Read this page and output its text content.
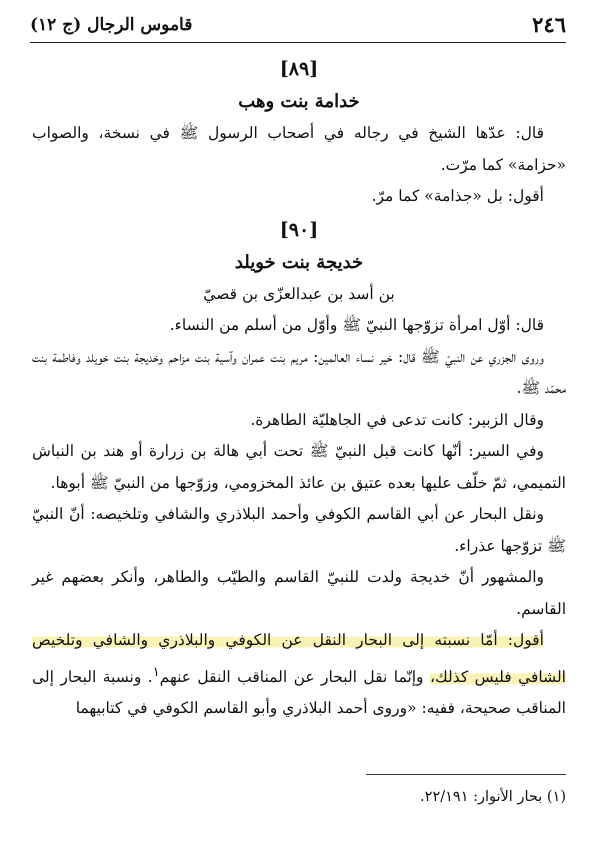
٢٤٦
قاموس الرجال (ج ١٢)

[٨٩]

خدامة بنت وهب

قال: عدّها الشيخ في رجاله في أصحاب الرسول ﷺ في نسخة، والصواب «حزامة» كما مرّت.

أقول: بل «جذامة» كما مرّ.

[٩٠]

خديجة بنت خويلد

بن أسد بن عبدالعزّى بن قصيّ

قال: أوّل امرأة تزوّجها النبيّ ﷺ وأوّل من أسلم من النساء.

وروى الجزري عن النبيّ ﷺ قال: خير نساء العالمين: مريم بنت عمران وآسية بنت مزاحم وخديجة بنت خويلد وفاطمة بنت محمّد ﷺ.

وقال الزبير: كانت تدعى في الجاهليّة الطاهرة.

وفي السير: أنّها كانت قبل النبيّ ﷺ تحت أبي هالة بن زرارة أو هند بن النباش التميمي، ثمّ خلّف عليها بعده عتيق بن عائذ المخزومي، وزوّجها من النبيّ ﷺ أبوها.

ونقل البحار عن أبي القاسم الكوفي وأحمد البلاذري والشافي وتلخيصه: أنّ النبيّ ﷺ تزوّجها عذراء.

والمشهور أنّ خديجة ولدت للنبيّ القاسم والطيّب والطاهر، وأنكر بعضهم غير القاسم.

أقول: أمّا نسبته إلى البحار النقل عن الكوفي والبلاذري والشافي وتلخيص الشافي فليس كذلك، وإنّما نقل البحار عن المناقب النقل عنهم$^١$. ونسبة البحار إلى المناقب صحيحة، ففيه: «وروى أحمد البلاذري وأبو القاسم الكوفي في كتابيهما

(١) بحار الأنوار: ٢٢/١٩١.
